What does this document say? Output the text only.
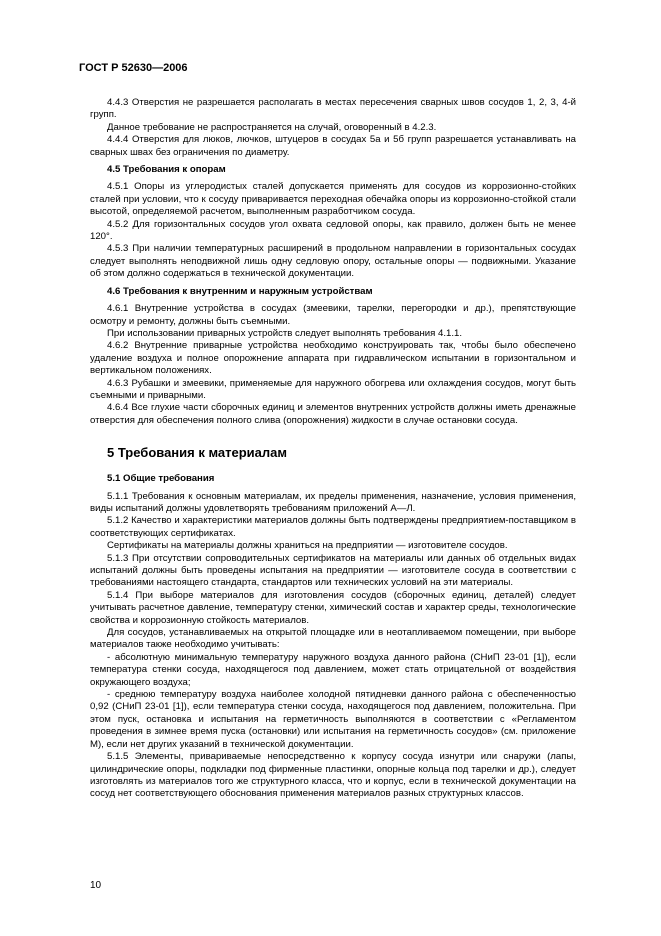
ГОСТ Р 52630—2006

4.4.3 Отверстия не разрешается располагать в местах пересечения сварных швов сосудов 1, 2, 3, 4-й групп.

Данное требование не распространяется на случай, оговоренный в 4.2.3.

4.4.4 Отверстия для люков, лючков, штуцеров в сосудах 5а и 5б групп разрешается устанавливать на сварных швах без ограничения по диаметру.

4.5 Требования к опорам

4.5.1 Опоры из углеродистых сталей допускается применять для сосудов из коррозионно-стойких сталей при условии, что к сосуду приваривается переходная обечайка опоры из коррозионно-стойкой стали высотой, определяемой расчетом, выполненным разработчиком сосуда.

4.5.2 Для горизонтальных сосудов угол охвата седловой опоры, как правило, должен быть не менее 120°.

4.5.3 При наличии температурных расширений в продольном направлении в горизонтальных сосудах следует выполнять неподвижной лишь одну седловую опору, остальные опоры — подвижными. Указание об этом должно содержаться в технической документации.

4.6 Требования к внутренним и наружным устройствам

4.6.1 Внутренние устройства в сосудах (змеевики, тарелки, перегородки и др.), препятствующие осмотру и ремонту, должны быть съемными.

При использовании приварных устройств следует выполнять требования 4.1.1.

4.6.2 Внутренние приварные устройства необходимо конструировать так, чтобы было обеспечено удаление воздуха и полное опорожнение аппарата при гидравлическом испытании в горизонтальном и вертикальном положениях.

4.6.3 Рубашки и змеевики, применяемые для наружного обогрева или охлаждения сосудов, могут быть съемными и приварными.

4.6.4 Все глухие части сборочных единиц и элементов внутренних устройств должны иметь дренажные отверстия для обеспечения полного слива (опорожнения) жидкости в случае остановки сосуда.

5 Требования к материалам
5.1 Общие требования

5.1.1 Требования к основным материалам, их пределы применения, назначение, условия применения, виды испытаний должны удовлетворять требованиям приложений А—Л.

5.1.2 Качество и характеристики материалов должны быть подтверждены предприятием-поставщиком в соответствующих сертификатах.

Сертификаты на материалы должны храниться на предприятии — изготовителе сосудов.

5.1.3 При отсутствии сопроводительных сертификатов на материалы или данных об отдельных видах испытаний должны быть проведены испытания на предприятии — изготовителе сосуда в соответствии с требованиями настоящего стандарта, стандартов или технических условий на эти материалы.

5.1.4 При выборе материалов для изготовления сосудов (сборочных единиц, деталей) следует учитывать расчетное давление, температуру стенки, химический состав и характер среды, технологические свойства и коррозионную стойкость материалов.

Для сосудов, устанавливаемых на открытой площадке или в неотапливаемом помещении, при выборе материалов также необходимо учитывать:

- абсолютную минимальную температуру наружного воздуха данного района (СНиП 23-01 [1]), если температура стенки сосуда, находящегося под давлением, может стать отрицательной от воздействия окружающего воздуха;

- среднюю температуру воздуха наиболее холодной пятидневки данного района с обеспеченностью 0,92 (СНиП 23-01 [1]), если температура стенки сосуда, находящегося под давлением, положительна. При этом пуск, остановка и испытания на герметичность выполняются в соответствии с «Регламентом проведения в зимнее время пуска (остановки) или испытания на герметичность сосудов» (см. приложение М), если нет других указаний в технической документации.

5.1.5 Элементы, привариваемые непосредственно к корпусу сосуда изнутри или снаружи (лапы, цилиндрические опоры, подкладки под фирменные пластинки, опорные кольца под тарелки и др.), следует изготовлять из материалов того же структурного класса, что и корпус, если в технической документации на сосуд нет соответствующего обоснования применения материалов разных структурных классов.

10
